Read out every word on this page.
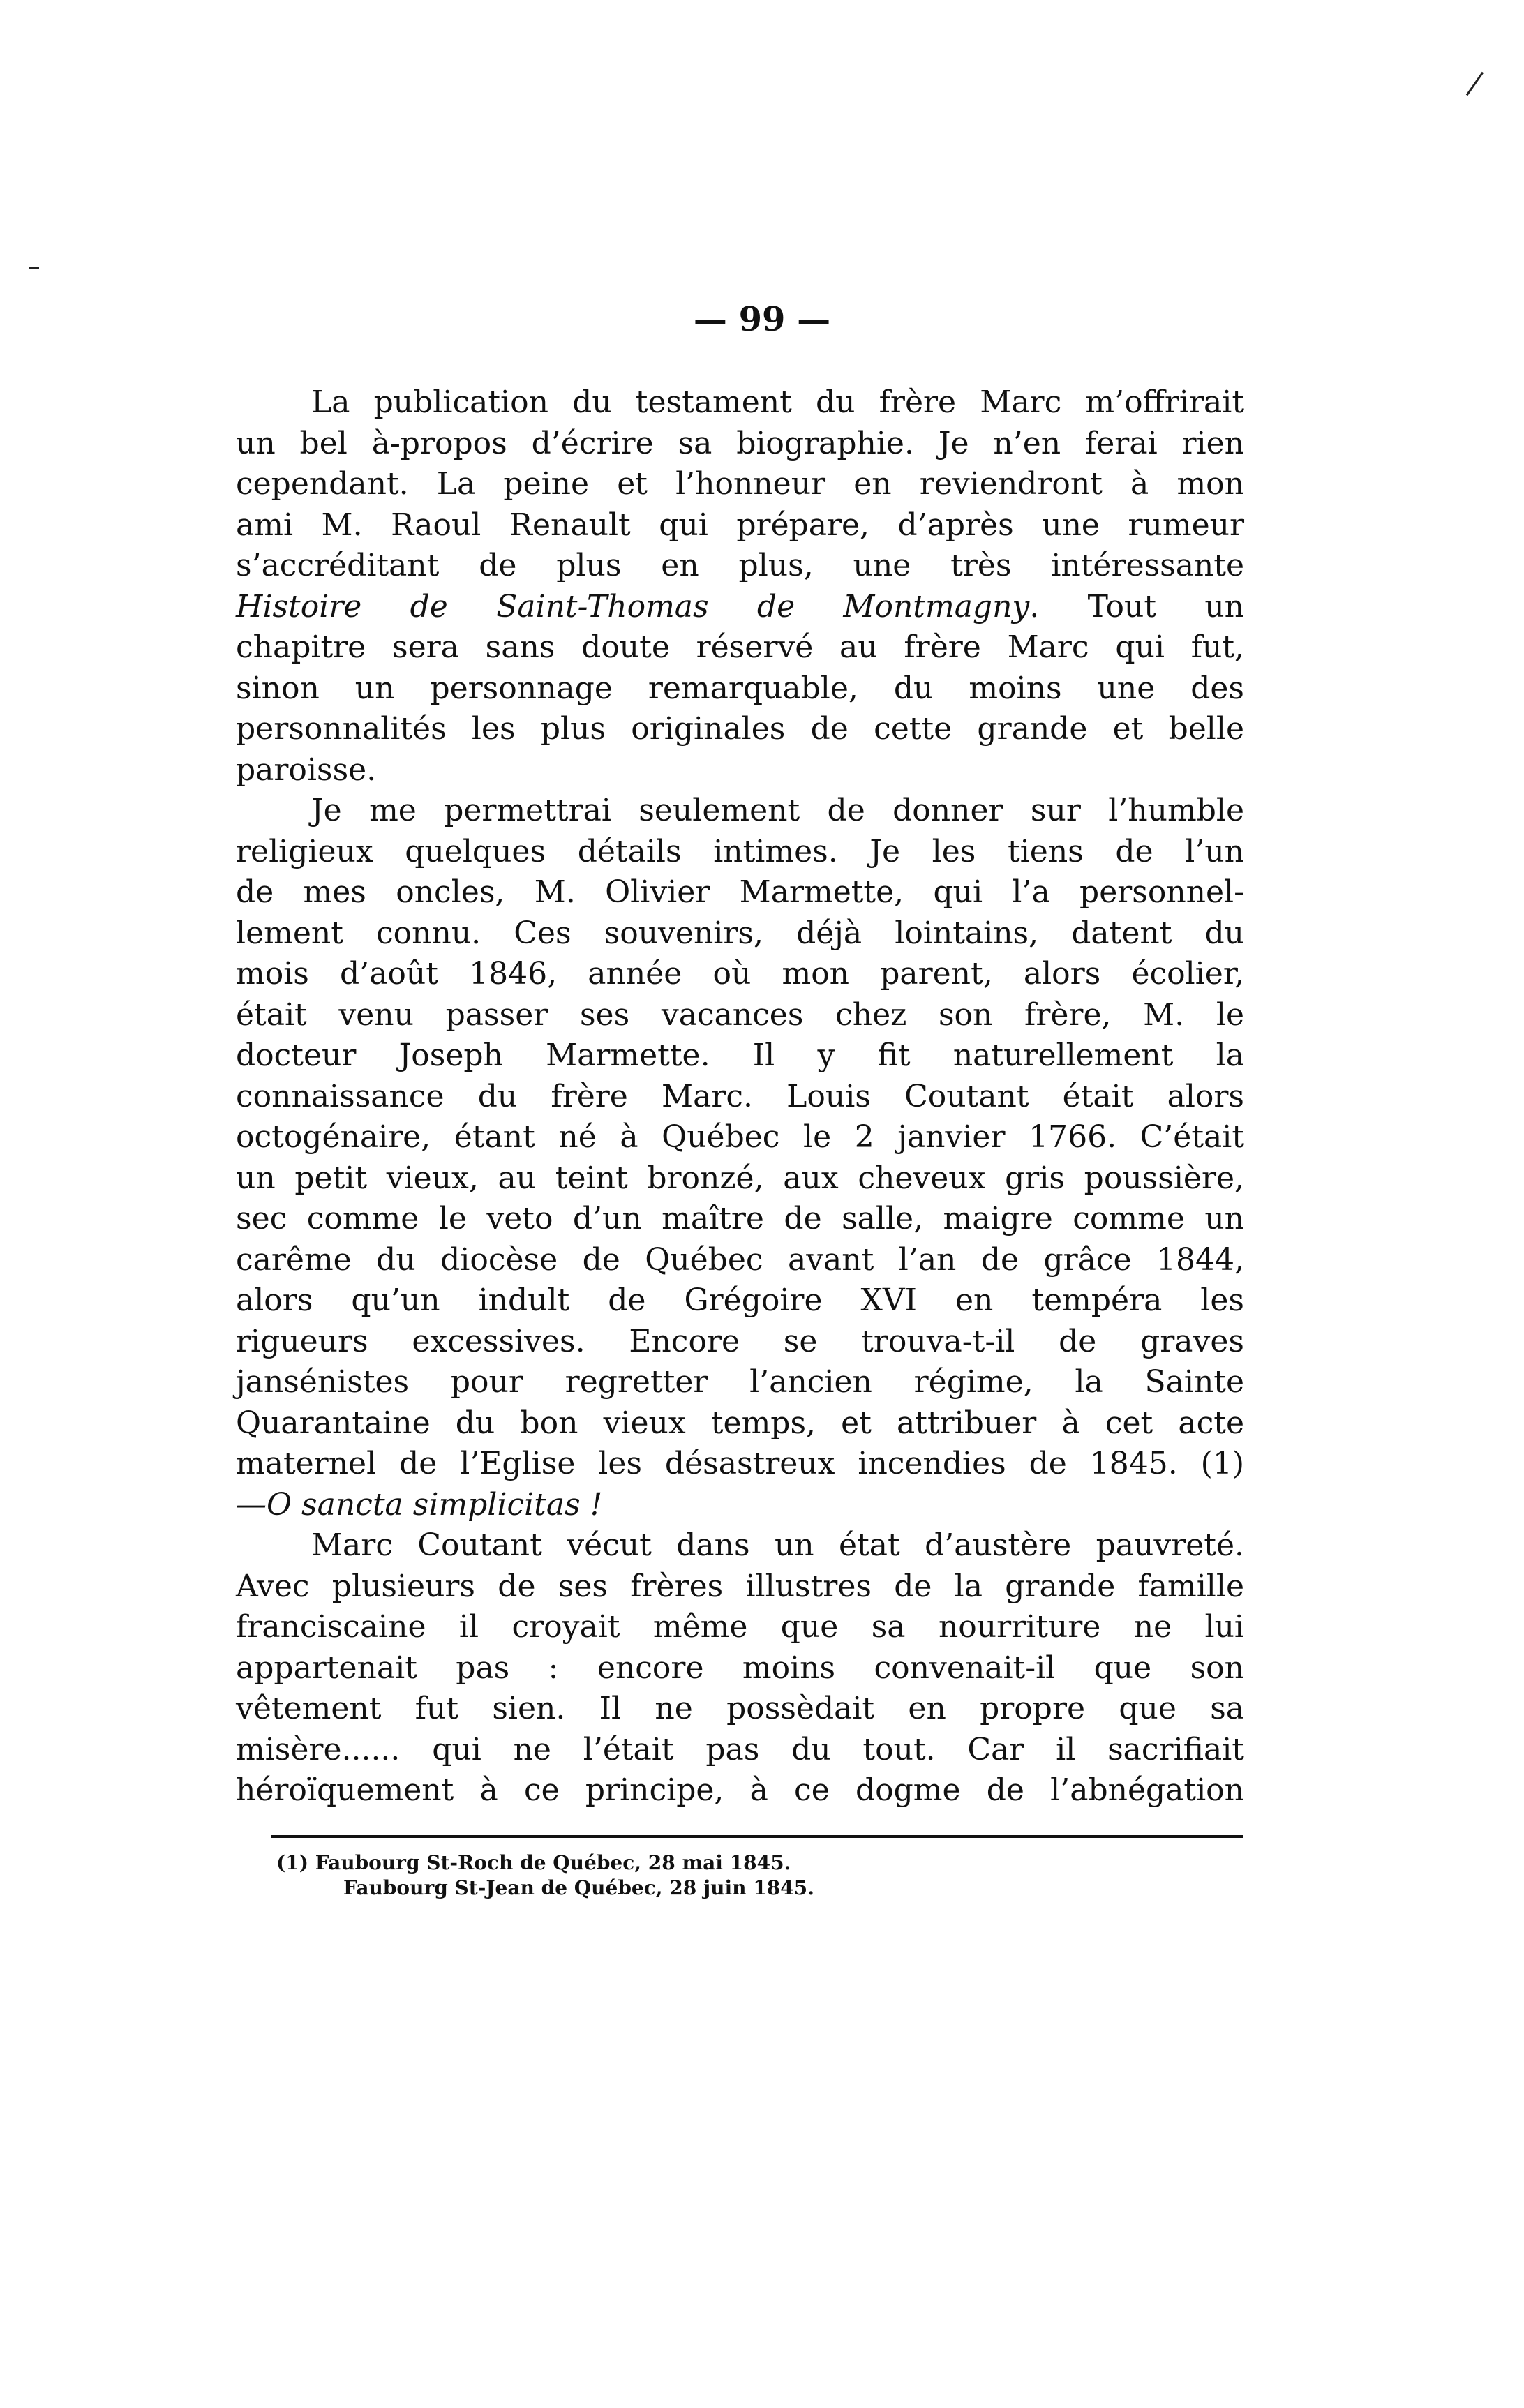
— 99 —
La publication du testament du frère Marc m’offrirait
un bel à-propos d’écrire sa biographie. Je n’en ferai rien
cependant. La peine et l’honneur en reviendront à mon
ami M. Raoul Renault qui prépare, d’après une rumeur
s’accréditant de plus en plus, une très intéressante
Histoire de Saint-Thomas de Montmagny. Tout un
chapitre sera sans doute réservé au frère Marc qui fut,
sinon un personnage remarquable, du moins une des
personnalités les plus originales de cette grande et belle
paroisse.
Je me permettrai seulement de donner sur l’humble
religieux quelques détails intimes. Je les tiens de l’un
de mes oncles, M. Olivier Marmette, qui l’a personnel-
lement connu. Ces souvenirs, déjà lointains, datent du
mois d’août 1846, année où mon parent, alors écolier,
était venu passer ses vacances chez son frère, M. le
docteur Joseph Marmette. Il y fit naturellement la
connaissance du frère Marc. Louis Coutant était alors
octogénaire, étant né à Québec le 2 janvier 1766. C’était
un petit vieux, au teint bronzé, aux cheveux gris poussière,
sec comme le veto d’un maître de salle, maigre comme un
carême du diocèse de Québec avant l’an de grâce 1844,
alors qu’un indult de Grégoire XVI en tempéra les
rigueurs excessives. Encore se trouva-t-il de graves
jansénistes pour regretter l’ancien régime, la Sainte
Quarantaine du bon vieux temps, et attribuer à cet acte
maternel de l’Eglise les désastreux incendies de 1845. (1)
—O sancta simplicitas !
Marc Coutant vécut dans un état d’austère pauvreté.
Avec plusieurs de ses frères illustres de la grande famille
franciscaine il croyait même que sa nourriture ne lui
appartenait pas : encore moins convenait-il que son
vêtement fut sien. Il ne possèdait en propre que sa
misère...... qui ne l’était pas du tout. Car il sacrifiait
héroïquement à ce principe, à ce dogme de l’abnégation
(1) Faubourg St-Roch de Québec, 28 mai 1845.
Faubourg St-Jean de Québec, 28 juin 1845.
